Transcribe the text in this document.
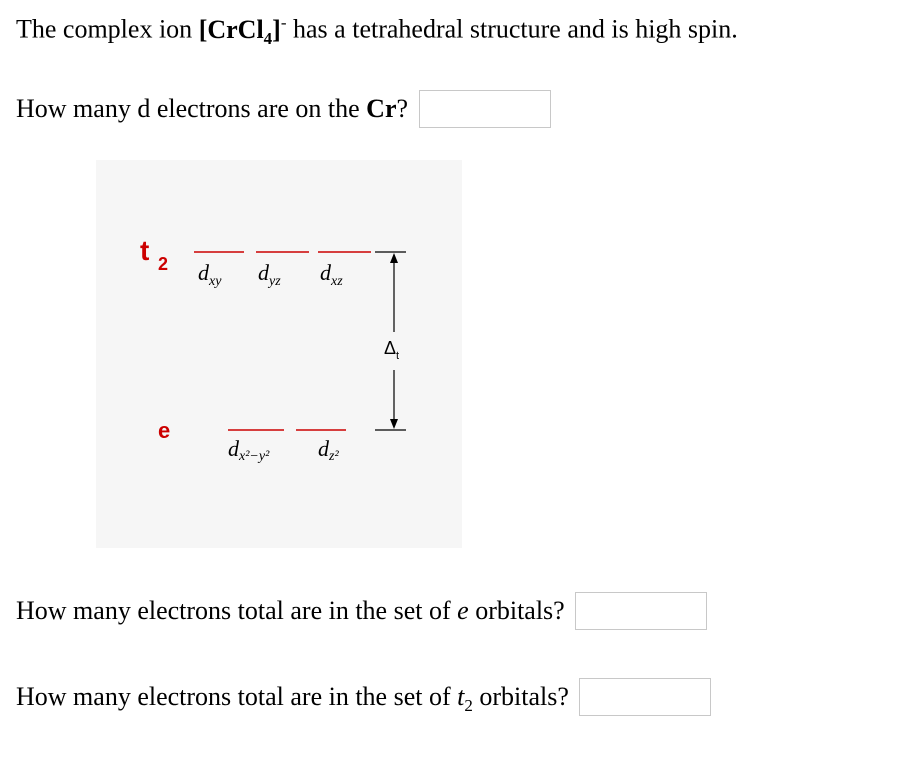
The complex ion [CrCl$_4$]- has a tetrahedral structure and is high spin.
How many d electrons are on the Cr?
t 2 $d_{xy}$ $d_{yz}$ $d_{xz}$
e
dx²−y² dz²
$\Delta_t$
How many electrons total are in the set of e orbitals?
How many electrons total are in the set of $t_2$ orbitals?
